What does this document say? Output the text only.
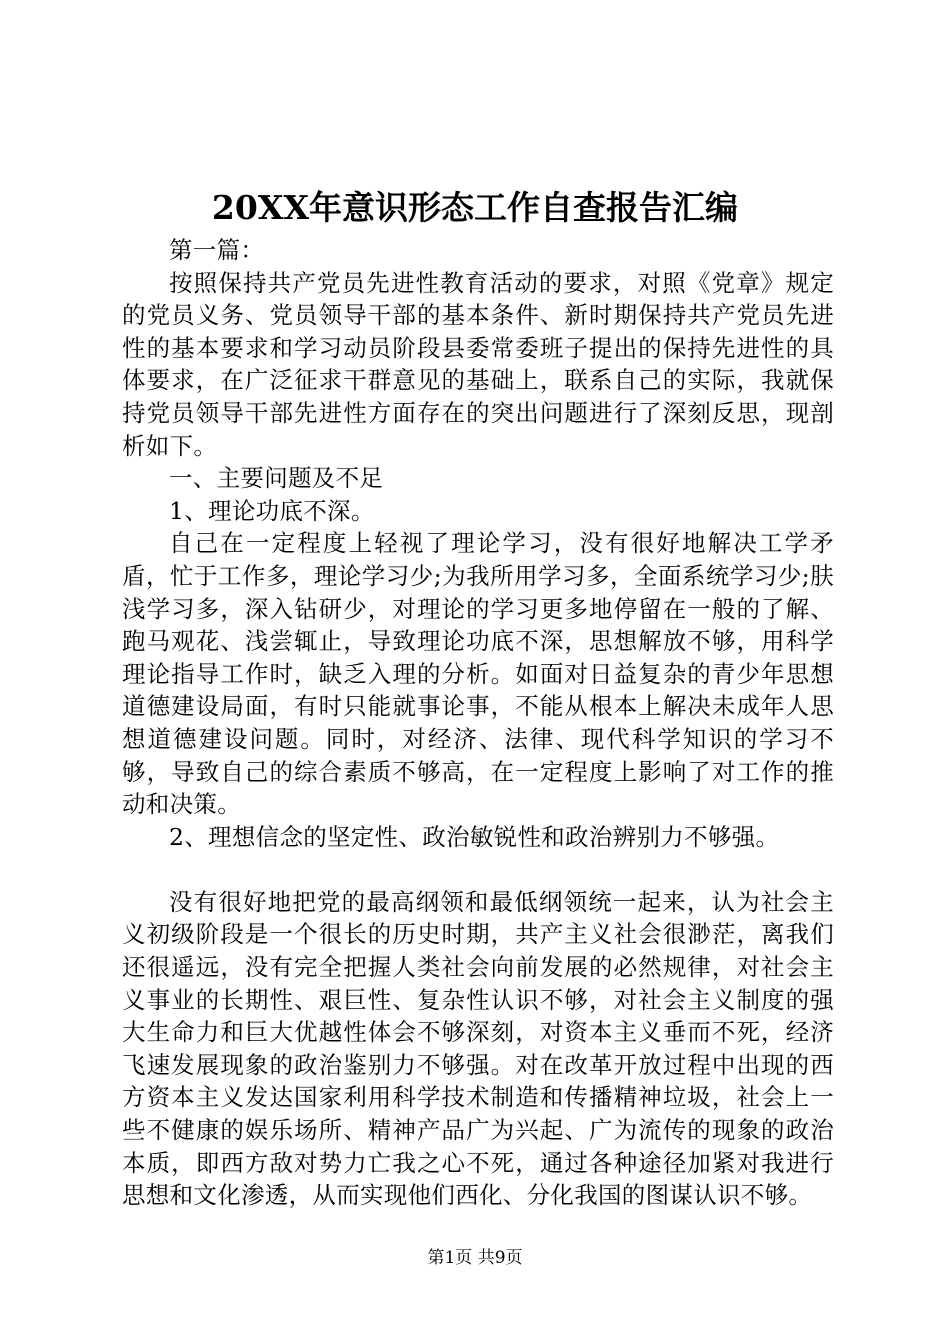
20XX年意识形态工作自查报告汇编

第一篇：

按照保持共产党员先进性教育活动的要求，对照《党章》规定的党员义务、党员领导干部的基本条件、新时期保持共产党员先进性的基本要求和学习动员阶段县委常委班子提出的保持先进性的具体要求，在广泛征求干群意见的基础上，联系自己的实际，我就保持党员领导干部先进性方面存在的突出问题进行了深刻反思，现剖析如下。

一、主要问题及不足

1、理论功底不深。

自己在一定程度上轻视了理论学习，没有很好地解决工学矛盾，忙于工作多，理论学习少;为我所用学习多，全面系统学习少;肤浅学习多，深入钻研少，对理论的学习更多地停留在一般的了解、跑马观花、浅尝辄止，导致理论功底不深，思想解放不够，用科学理论指导工作时，缺乏入理的分析。如面对日益复杂的青少年思想道德建设局面，有时只能就事论事，不能从根本上解决未成年人思想道德建设问题。同时，对经济、法律、现代科学知识的学习不够，导致自己的综合素质不够高，在一定程度上影响了对工作的推动和决策。

2、理想信念的坚定性、政治敏锐性和政治辨别力不够强。

没有很好地把党的最高纲领和最低纲领统一起来，认为社会主义初级阶段是一个很长的历史时期，共产主义社会很渺茫，离我们还很遥远，没有完全把握人类社会向前发展的必然规律，对社会主义事业的长期性、艰巨性、复杂性认识不够，对社会主义制度的强大生命力和巨大优越性体会不够深刻，对资本主义垂而不死，经济飞速发展现象的政治鉴别力不够强。对在改革开放过程中出现的西方资本主义发达国家利用科学技术制造和传播精神垃圾，社会上一些不健康的娱乐场所、精神产品广为兴起、广为流传的现象的政治本质，即西方敌对势力亡我之心不死，通过各种途径加紧对我进行思想和文化渗透，从而实现他们西化、分化我国的图谋认识不够。

第1页 共9页
